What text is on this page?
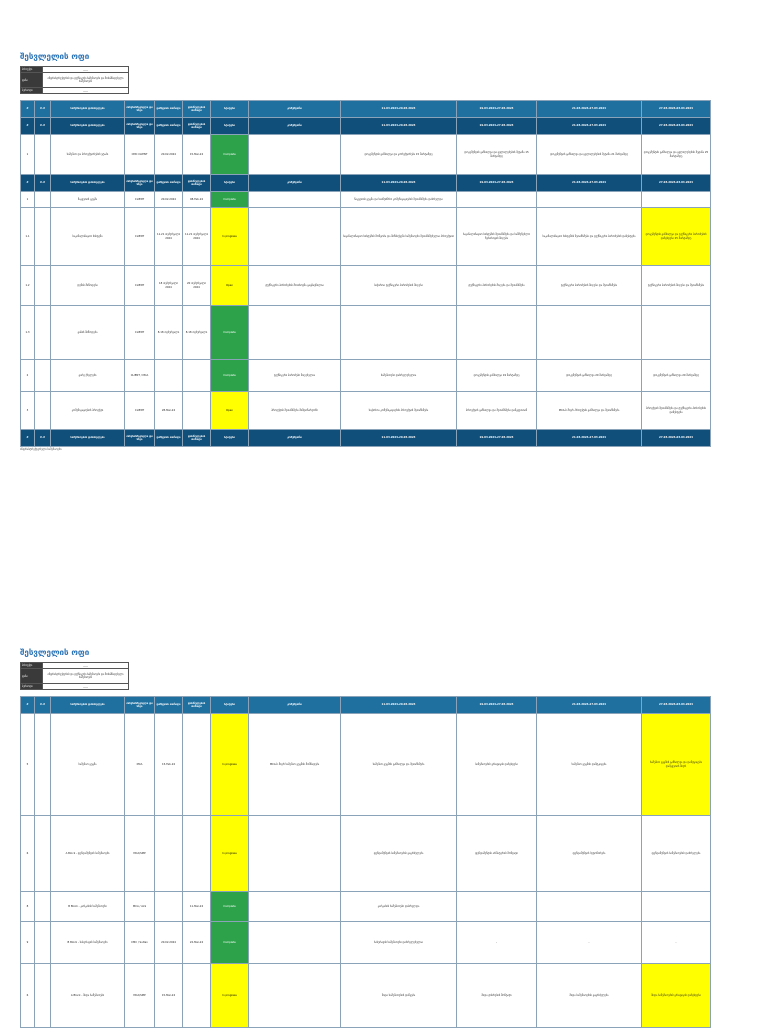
შესვლელის ოფი
პროექტი	____
ფაზა	ინფრასტრუქტურის და ტექნიკური სამუშაოები და მოსამზადებელი სამუშაოები
პერიოდი	____
#	#.#	სამუშაოების დასახელება	პასუხისმგებელი და სხვა	დაწყების თარიღი	დასრულების თარიღი	სტატუსი	კომენტარი	11.03.2024-20.03.2024	19.03.2024-27.03.2024	21.03.2024-27.03.2024	27.03.2024-03.04.2024
#	#.#	სამუშაოების დასახელება	პასუხისმგებელი და სხვა	დაწყების თარიღი	დასრულების თარიღი	სტატუსი	კომენტარი	11.03.2024-20.03.2024	19.03.2024-27.03.2024	21.03.2024-27.03.2024	27.03.2024-03.04.2024
1		სამუშაო და პროექტირების ეტაპი	CMC CLIENT	20.02.2024	15-Mar-24	Complete		დოკუმენტის განხილვა და კორექტირება 15 მარტამდე	დოკუმენტის განხილვა და ცვლილებების შეტანა 15 მარტამდე	დოკუმენტის განხილვა და ცვლილებების შეტანა 21 მარტამდე	დოკუმენტის განხილვა და ცვლილებების შეტანა 25 მარტამდე
#	#.#	სამუშაოების დასახელება	პასუხისმგებელი და სხვა	დაწყების თარიღი	დასრულების თარიღი	სტატუსი	კომენტარი	11.03.2024-20.03.2024	19.03.2024-27.03.2024	21.03.2024-27.03.2024	27.03.2024-03.04.2024
1		ნაკვეთის გეგმა	CLIENT	20.02.2024	08-Feb-24	Complete		ნაკვეთის გეგმა და საინჟინრო კომუნიკაციების შეთანხმება დასრულდა			
1.1		საკანალიზაციო სისტემა	CLIENT	11.21 თებერვალი 2024	11.21 თებერვალი 2024	In progress		საკანალიზაციო სისტემის მოწყობა და მიწისქვეშა სამუშაოები შეთანხმებულია პროექტით	საკანალიზაციო სისტემის შეთანხმება და სამშენებლო ნებართვის მიღება	საკანალიზაციო სისტემის შეთანხმება და ტექნიკური პირობების დაზუსტება	დოკუმენტის განხილვა და ტექნიკური პირობების დაზუსტება 25 მარტამდე
1.2		დენის მიწოდება	CLIENT	18 თებერვალი 2024	20 თებერვალი 2024	Open	ტექნიკური პირობების მოთხოვნა გაგზავნილია	საჭიროა ტექნიკური პირობების მიღება	ტექნიკური პირობების მიღება და შეთანხმება	ტექნიკური პირობების მიღება და შეთანხმება	ტექნიკური პირობების მიღება და შეთანხმება
1.3		გაზის მიწოდება	CLIENT	8.18 თებერვალი	8.18 თებერვალი	Complete					
2		გარე ქსელები	CLIENT / MCA			Complete	ტექნიკური პირობები მიღებულია	სამუშაოები დასრულებულია	დოკუმენტის განხილვა 19 მარტამდე	დოკუმენტის განხილვა 20 მარტამდე	დოკუმენტის განხილვა 20 მარტამდე
3		კომუნიკაციების პროექტი	CLIENT	28-Mar-24		Open	პროექტის შეთანხმება მიმდინარეობს	საჭიროა კომუნიკაციების პროექტის შეთანხმება	პროექტის განხილვა და შეთანხმება დამკვეთთან	MCA-ს მიერ პროექტის განხილვა და შეთანხმება	პროექტის შეთანხმება და ტექნიკური პირობების დაზუსტება
#	#.#	სამუშაოების დასახელება	პასუხისმგებელი და სხვა	დაწყების თარიღი	დასრულების თარიღი	სტატუსი	კომენტარი	11.03.2024-20.03.2024	19.03.2024-27.03.2024	21.03.2024-27.03.2024	27.03.2024-03.04.2024
ინფრასტრუქტურული სამუშაოები
შესვლელის ოფი
პროექტი	____
ფაზა	ინფრასტრუქტურის და ტექნიკური სამუშაოები და მოსამზადებელი სამუშაოები
პერიოდი	____
#	#.#	სამუშაოების დასახელება	პასუხისმგებელი და სხვა	დაწყების თარიღი	დასრულების თარიღი	სტატუსი	კომენტარი	11.03.2024-20.03.2024	19.03.2024-27.03.2024	21.03.2024-27.03.2024	27.03.2024-03.04.2024
5		სამუშაო გეგმა	MCA	15-Feb-24		In progress	MCA-ს მიერ სამუშაო გეგმის მომზადება	სამუშაო გეგმის განხილვა და შეთანხმება	სამუშაოების გრაფიკის დაზუსტება	სამუშაო გეგმის დამტკიცება	სამუშაო გეგმის განხილვა და დამტკიცება დამკვეთის მიერ
6		A Block - ფუნდამენტის სამუშაოები	MCA/SMP			In progress		ფუნდამენტის სამუშაოების გაგრძელება	ფუნდამენტის არმატურის მონტაჟი	ფუნდამენტის ბეტონირება	ფუნდამენტის სამუშაოების დასრულება
8		B Block - კარკასის სამუშაოები	MCA / ALS		11-Mar-24	Complete		კარკასის სამუშაოები დასრულდა			
9		B Block - სახურავის სამუშაოები	CMC / Sultan	20.02.2024	22-Mar-24	Complete		სახურავის სამუშაოები დასრულებულია	-	-	-
6		A Block - შიდა სამუშაოები	MCA/SMP	15-Mar-24		In progress		შიდა სამუშაოების დაწყება	შიდა ტიხრების მონტაჟი	შიდა სამუშაოების გაგრძელება	შიდა სამუშაოების გრაფიკის დაზუსტება
